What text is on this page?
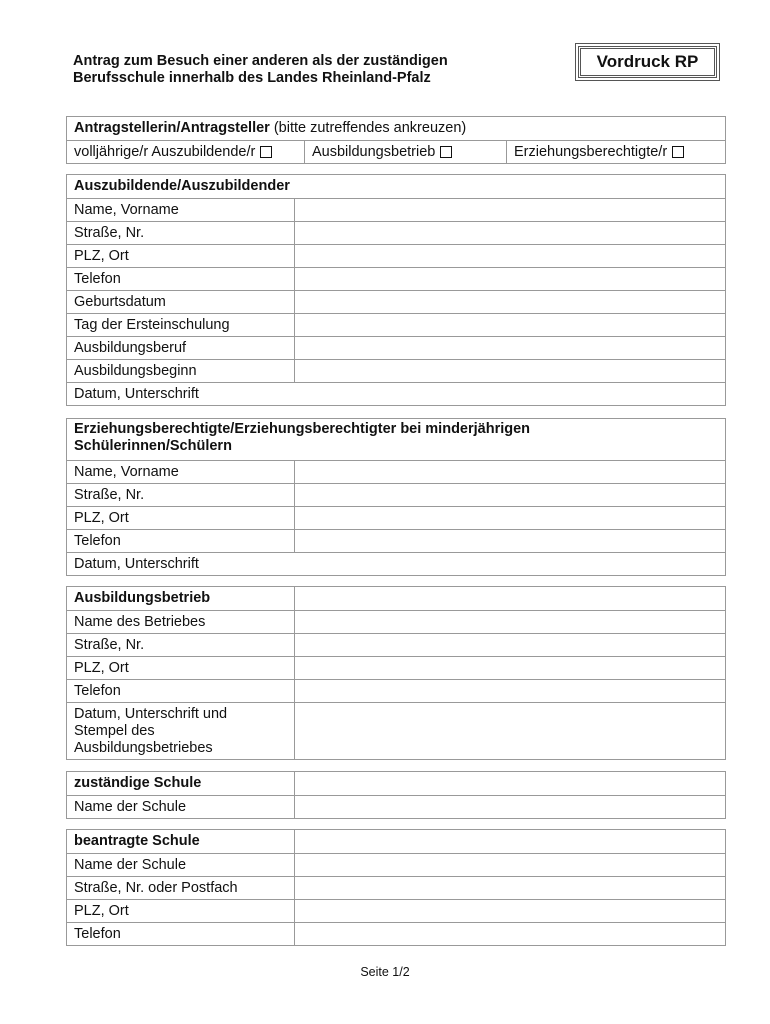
Antrag zum Besuch einer anderen als der zuständigen
Berufsschule innerhalb des Landes Rheinland-Pfalz
Vordruck RP
Antragstellerin/Antragsteller
(bitte zutreffendes ankreuzen)
volljährige/r Auszubildende/r	Ausbildungsbetrieb	Erziehungsberechtigte/r
Auszubildende/Auszubildender
Name, Vorname
Straße, Nr.
PLZ, Ort
Telefon
Geburtsdatum
Tag der Ersteinschulung
Ausbildungsberuf
Ausbildungsbeginn
Datum, Unterschrift
Erziehungsberechtigte/Erziehungsberechtigter bei minderjährigen
Schülerinnen/Schülern
Name, Vorname
Straße, Nr.
PLZ, Ort
Telefon
Datum, Unterschrift
Ausbildungsbetrieb
Name des Betriebes
Straße, Nr.
PLZ, Ort
Telefon
Datum, Unterschrift und
Stempel des
Ausbildungsbetriebes
zuständige Schule
Name der Schule
beantragte Schule
Name der Schule
Straße, Nr. oder Postfach
PLZ, Ort
Telefon
Seite 1/2
